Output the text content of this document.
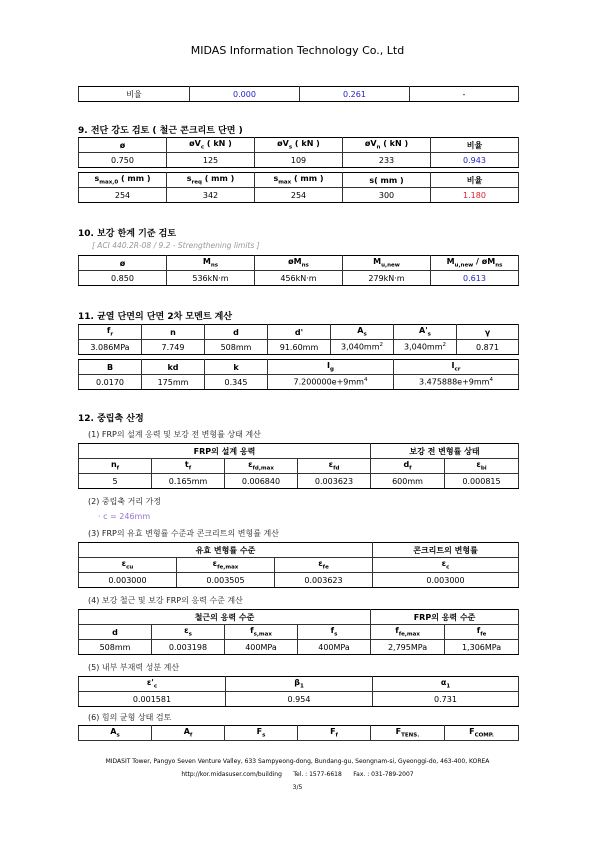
MIDAS Information Technology Co., Ltd
비율	0.000	0.261	-
9. 전단 강도 검토 ( 철근 콘크리트 단면 )
ø	$øV_c$ ( kN )	$øV_s$ ( kN )	$øV_n$ ( kN )	비율
0.750	125	109	233	0.943
$s_{max,0}$ ( mm )	$s_{req}$ ( mm )	$s_{max}$ ( mm )	s( mm )	비율
254	342	254	300	1.180
10. 보강 한계 기준 검토
[ ACI 440.2R-08 / 9.2 - Strengthening limits ]
ø	$M_{ns}$	$øM_{ns}$	$M_{u,new}$	$M_{u,new}$ / $øM_{ns}$
0.850	536kN·m	456kN·m	279kN·m	0.613
11. 균열 단면의 단면 2차 모멘트 계산
$f_r$	n	d	d'	$A_s$	$A'_s$	γ
3.086MPa	7.749	508mm	91.60mm	$3,040mm^2$	$3,040mm^2$	0.871
B	kd	k	$I_g$	$I_{cr}$
0.0170	175mm	0.345	$7.200000e+9mm^4$	$3.475888e+9mm^4$
12. 중립축 산정
(1) FRP의 설계 응력 및 보강 전 변형률 상태 계산
FRP의 설계 응력				보강 전 변형률 상태	
$n_f$	$t_f$	$\varepsilon_{fd,max}$	$\varepsilon_{fd}$	$d_f$	$\varepsilon_{bi}$
5	0.165mm	0.006840	0.003623	600mm	0.000815
(2) 중립축 거리 가정
· c = 246mm
(3) FRP의 유효 변형률 수준과 콘크리트의 변형률 계산
유효 변형률 수준			콘크리트의 변형률
$\varepsilon_{cu}$	$\varepsilon_{fe,max}$	$\varepsilon_{fe}$	$\varepsilon_c$
0.003000	0.003505	0.003623	0.003000
(4) 보강 철근 및 보강 FRP의 응력 수준 계산
철근의 응력 수준				FRP의 응력 수준	
d	$\varepsilon_s$	$f_{s,max}$	$f_s$	$f_{fe,max}$	$f_{fe}$
508mm	0.003198	400MPa	400MPa	2,795MPa	1,306MPa
(5) 내부 부재력 성분 계산
$\varepsilon'_c$	$\beta_1$	$\alpha_1$
0.001581	0.954	0.731
(6) 힘의 균형 상태 검토
$A_s$	$A_f$	$F_s$	$F_f$	$F_{TENS.}$	$F_{COMP.}$
MIDASIT Tower, Pangyo Seven Venture Valley, 633 Sampyeong-dong, Bundang-gu, Seongnam-si, Gyeonggi-do, 463-400, KOREA
http://kor.midasuser.com/building      Tel. : 1577-6618      Fax. : 031-789-2007
3/5
